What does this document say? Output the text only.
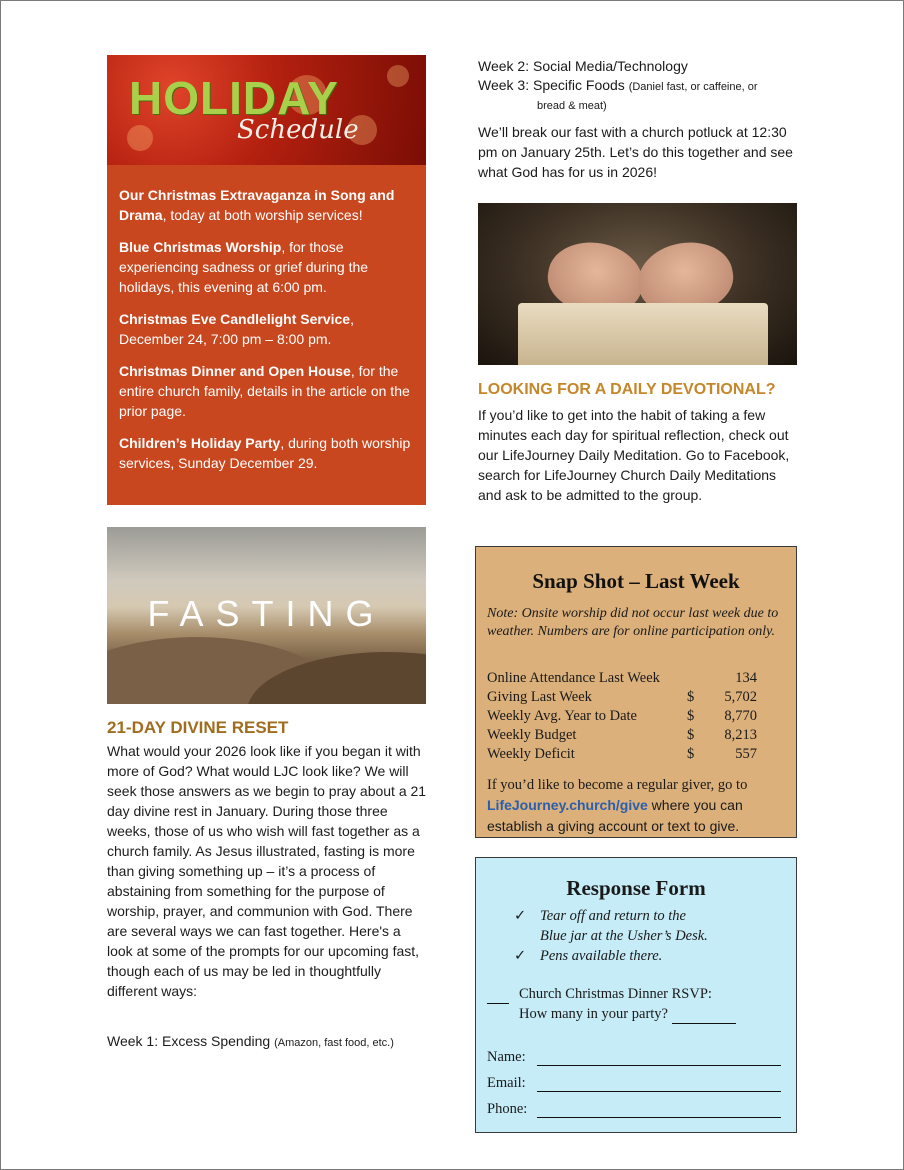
HOLIDAY
Schedule

Our Christmas Extravaganza in Song and Drama, today at both worship services!

Blue Christmas Worship, for those experiencing sadness or grief during the holidays, this evening at 6:00 pm.

Christmas Eve Candlelight Service, December 24, 7:00 pm – 8:00 pm.

Christmas Dinner and Open House, for the entire church family, details in the article on the prior page.

Children’s Holiday Party, during both worship services, Sunday December 29.

FASTING
21-DAY DIVINE RESET
What would your 2026 look like if you began it with more of God? What would LJC look like? We will seek those answers as we begin to pray about a 21 day divine rest in January. During those three weeks, those of us who wish will fast together as a church family. As Jesus illustrated, fasting is more than giving something up – it’s a process of abstaining from something for the purpose of worship, prayer, and communion with God. There are several ways we can fast together. Here's a look at some of the prompts for our upcoming fast, though each of us may be led in thoughtfully different ways:
Week 1: Excess Spending (Amazon, fast food, etc.)
Week 2: Social Media/Technology
Week 3: Specific Foods (Daniel fast, or caffeine, or
bread & meat)
We’ll break our fast with a church potluck at 12:30 pm on January 25th. Let’s do this together and see what God has for us in 2026!
LOOKING FOR A DAILY DEVOTIONAL?
If you’d like to get into the habit of taking a few minutes each day for spiritual reflection, check out our LifeJourney Daily Meditation. Go to Facebook, search for LifeJourney Church Daily Meditations and ask to be admitted to the group.
Snap Shot – Last Week
Note: Onsite worship did not occur last week due to weather. Numbers are for online participation only.
Online Attendance Last Week	134
Giving Last Week	$ 5,702
Weekly Avg. Year to Date	$ 8,770
Weekly Budget	$ 8,213
Weekly Deficit	$	557
If you’d like to become a regular giver, go to LifeJourney.church/give where you can establish a giving account or text to give.
Response Form
✓ Tear off and return to the
Blue jar at the Usher’s Desk.
✓ Pens available there.
Church Christmas Dinner RSVP:
How many in your party?
Name:
Email:
Phone:
